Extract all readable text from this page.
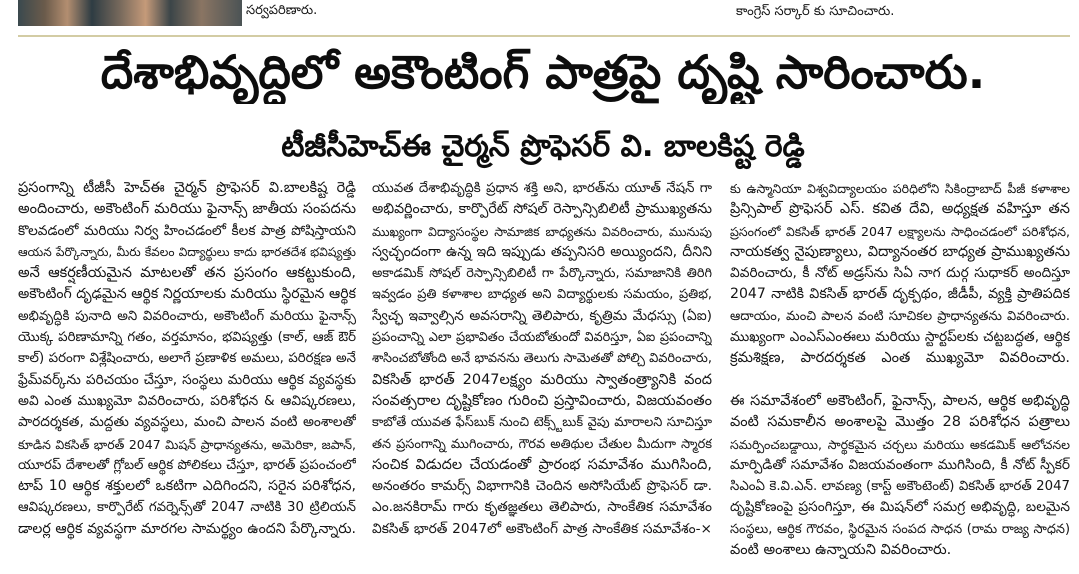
సర్వపరిణారు.	కాంగ్రెస్ సర్కార్ కు సూచించారు.
దేశాభివృద్ధిలో అకౌంటింగ్ పాత్రపై దృష్టి సారించారు.
టీజీసీహెచ్ఈ చైర్మన్ ప్రొఫెసర్ వి. బాలకిష్ట రెడ్డి
ప్రసంగాన్ని టీజీసీ హెచ్ఈ చైర్మన్ ప్రొఫెసర్ వి.బాలకిష్ట రెడ్డి
అందించారు, అకౌంటింగ్ మరియు ఫైనాన్స్ జాతీయ సంపదను
కొలవడంలో మరియు నిర్వ హించడంలో కీలక పాత్ర పోషిస్తాయని
ఆయన పేర్కొన్నారు, మీరు కేవలం విద్యార్థులు కాదు భారతదేశ భవిష్యత్తు
అనే ఆకర్షణీయమైన మాటలతో తన ప్రసంగం ఆకట్టుకుంది,
అకౌంటింగ్ దృఢమైన ఆర్థిక నిర్ణయాలకు మరియు స్థిరమైన ఆర్థిక
అభివృద్ధికి పునాది అని వివరించారు, అకౌంటింగ్ మరియు ఫైనాన్స్
యొక్క పరిణామాన్ని గతం, వర్తమానం, భవిష్యత్తు (కాల్, ఆజ్ ఔర్
కాల్) పరంగా విశ్లేషించారు, అలాగే ప్రణాళిక అమలు, పరిరక్షణ అనే
ఫ్రేమ్‌వర్క్‌ను పరిచయం చేస్తూ, సంస్థలు మరియు ఆర్థిక వ్యవస్థకు
అవి ఎంత ముఖ్యమో వివరించారు, పరిశోధన & ఆవిష్కరణలు,
పారదర్శకత, మద్దతు వ్యవస్థలు, మంచి పాలన వంటి అంశాలతో
కూడిన వికసిత్ భారత్ 2047 మిషన్ ప్రాధాన్యతను, అమెరికా, జపాన్,
యూరప్ దేశాలతో గ్లోబల్ ఆర్థిక పోలికలు చేస్తూ, భారత్ ప్రపంచంలో
టాప్ 10 ఆర్థిక శక్తులలో ఒకటిగా ఎదిగిందని, సరైన పరిశోధన,
ఆవిష్కరణలు, కార్పొరేట్ గవర్నెన్స్‌తో 2047 నాటికి 30 ట్రిలియన్
డాలర్ల ఆర్థిక వ్యవస్థగా మారగల సామర్థ్యం ఉందని పేర్కొన్నారు.
యువత దేశాభివృద్ధికి ప్రధాన శక్తి అని, భారత్‌ను యూత్ నేషన్ గా
అభివర్ణించారు, కార్పొరేట్ సోషల్ రెస్పాన్సిబిలిటీ ప్రాముఖ్యతను
ముఖ్యంగా విద్యాసంస్థల సామాజిక బాధ్యతను వివరించారు, మునుపు
స్వచ్ఛందంగా ఉన్న ఇది ఇప్పుడు తప్పనిసరి అయ్యిందని, దీనిని
అకాడమిక్ సోషల్ రెస్పాన్సిబిలిటీ గా పేర్కొన్నారు, సమాజానికి తిరిగి
ఇవ్వడం ప్రతి కళాశాల బాధ్యత అని విద్యార్థులకు సమయం, ప్రతిభ,
స్వేచ్ఛ ఇవ్వాల్సిన అవసరాన్ని తెలిపారు, కృత్రిమ మేధస్సు (ఏఐ)
ప్రపంచాన్ని ఎలా ప్రభావితం చేయబోతుందో వివరిస్తూ, ఏఐ ప్రపంచాన్ని
శాసించబోతోంది అనే భావనను తెలుగు సామెతతో పోల్చి వివరించారు,
వికసిత్ భారత్ 2047లక్ష్యం మరియు స్వాతంత్ర్యానికి వంద
సంవత్సరాల దృష్టికోణం గురించి ప్రస్తావించారు, విజయవంతం
కాబోతే యువత ఫేస్‌బుక్ నుంచి టెక్స్ట్‌బుక్ వైపు మారాలని సూచిస్తూ
తన ప్రసంగాన్ని ముగించారు, గౌరవ అతిథుల చేతుల మీదుగా స్మారక
సంచిక విడుదల చేయడంతో ప్రారంభ సమావేశం ముగిసింది,
అనంతరం కామర్స్ విభాగానికి చెందిన అసోసియేట్ ప్రొఫెసర్ డా.
ఎం.జనకిరామ్ గారు కృతజ్ఞతలు తెలిపారు, సాంకేతిక సమావేశం
వికసిత్ భారత్ 2047లో అకౌంటింగ్ పాత్ర సాంకేతిక సమావేశం-×
కు ఉస్మానియా విశ్వవిద్యాలయం పరిధిలోని సికింద్రాబాద్ పీజీ కళాశాల
ప్రిన్సిపాల్ ప్రొఫెసర్ ఎస్. కవిత దేవి, అధ్యక్షత వహిస్తూ తన
ప్రసంగంలో వికసిత్ భారత్ 2047 లక్ష్యాలను సాధించడంలో పరిశోధన,
నాయకత్వ నైపుణ్యాలు, విద్యానంతర బాధ్యత ప్రాముఖ్యతను
వివరించారు, కీ నోట్ అడ్రస్‌ను సిఏ నాగ దుర్గ సుధాకర్ అందిస్తూ
2047 నాటికి వికసిత్ భారత్ దృక్పథం, జీడీపీ, వ్యక్తి ప్రాతిపదిక
ఆదాయం, మంచి పాలన వంటి సూచికల ప్రాధాన్యతను వివరించారు.
ముఖ్యంగా ఎంఎస్ఎంఈలు మరియు స్టార్టప్‌లకు చట్టబద్ధత, ఆర్థిక
క్రమశిక్షణ, పారదర్శకత ఎంత ముఖ్యమో వివరించారు.
ఈ సమావేశంలో అకౌంటింగ్, ఫైనాన్స్, పాలన, ఆర్థిక అభివృద్ధి
వంటి సమకాలీన అంశాలపై మొత్తం 28 పరిశోధన పత్రాలు
సమర్పించబడ్డాయి, సార్థకమైన చర్చలు మరియు అకడమిక్ ఆలోచనల
మార్పిడితో సమావేశం విజయవంతంగా ముగిసింది, కీ నోట్ స్పీకర్
సిఎంఏ కె.వి.ఎన్. లావణ్య (కాస్ట్ అకౌంటెంట్) వికసిత్ భారత్ 2047
దృష్టికోణంపై ప్రసంగిస్తూ, ఈ మిషన్‌లో సమగ్ర అభివృద్ధి, బలమైన
సంస్థలు, ఆర్థిక గౌరవం, స్థిరమైన సంపద సాధన (రామ రాజ్య సాధన)
వంటి అంశాలు ఉన్నాయని వివరించారు.
